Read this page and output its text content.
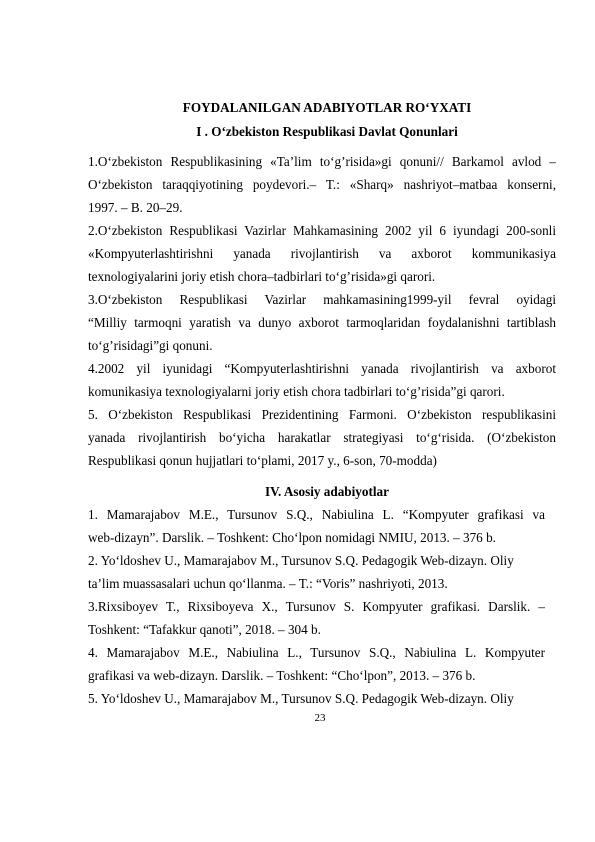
FOYDALANILGAN ADABIYOTLAR RO‘YXATI
I . O‘zbekiston Respublikasi Davlat Qonunlari
1.O‘zbekiston Respublikasining «Ta’lim to‘g’risida»gi qonuni// Barkamol avlod –
O‘zbekiston taraqqiyotining poydevori.– T.: «Sharq» nashriyot–matbaa konserni,
1997. – B. 20–29.
2.O‘zbekiston Respublikasi Vazirlar Mahkamasining 2002 yil 6 iyundagi 200-sonli
«Kompyuterlashtirishni yanada rivojlantirish va axborot kommunikasiya
texnologiyalarini joriy etish chora–tadbirlari to‘g’risida»gi qarori.
3.O‘zbekiston Respublikasi Vazirlar mahkamasining1999-yil fevral oyidagi
“Milliy tarmoqni yaratish va dunyo axborot tarmoqlaridan foydalanishni tartiblash
to‘g’risidagi”gi qonuni.
4.2002 yil iyunidagi “Kompyuterlashtirishni yanada rivojlantirish va axborot
komunikasiya texnologiyalarni joriy etish chora tadbirlari to‘g’risida”gi qarori.
5. O‘zbekiston Respublikasi Prezidentining Farmoni. O‘zbekiston respublikasini
yanada rivojlantirish bo‘yicha harakatlar strategiyasi to‘g‘risida. (O‘zbekiston
Respublikasi qonun hujjatlari to‘plami, 2017 y., 6-son, 70-modda)
IV. Asosiy adabiyotlar
1. Mamarajabov M.E., Tursunov S.Q., Nabiulina L. “Kompyuter grafikasi va
web-dizayn”. Darslik. – Toshkent: Cho‘lpon nomidagi NMIU, 2013. – 376 b.
2. Yo‘ldoshev U., Mamarajabov M., Tursunov S.Q. Pedagogik Web-dizayn. Oliy
ta’lim muassasalari uchun qo‘llanma. – T.: “Voris” nashriyoti, 2013.
3.Rixsiboyev T., Rixsiboyeva X., Tursunov S. Kompyuter grafikasi. Darslik. –
Toshkent: “Tafakkur qanoti”, 2018. – 304 b.
4. Mamarajabov M.E., Nabiulina L., Tursunov S.Q., Nabiulina L. Kompyuter
grafikasi va web-dizayn. Darslik. – Toshkent: “Cho‘lpon”, 2013. – 376 b.
5. Yo‘ldoshev U., Mamarajabov M., Tursunov S.Q. Pedagogik Web-dizayn. Oliy
23
